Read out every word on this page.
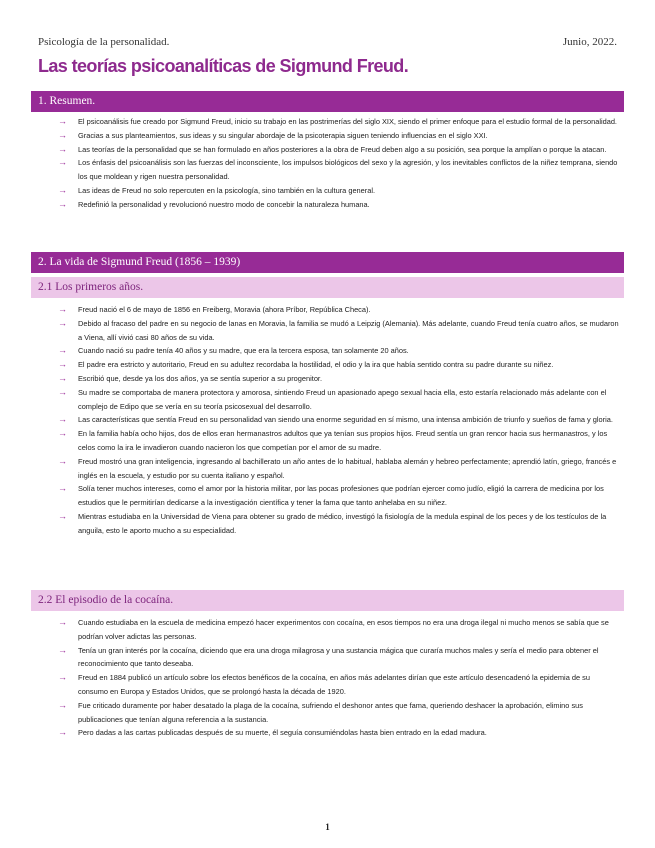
Psicología de la personalidad.	Junio, 2022.
Las teorías psicoanalíticas de Sigmund Freud.
1. Resumen.
→ El psicoanálisis fue creado por Sigmund Freud, inicio su trabajo en las postrimerías del siglo XIX, siendo el primer enfoque para el estudio formal de la personalidad.
→ Gracias a sus planteamientos, sus ideas y su singular abordaje de la psicoterapia siguen teniendo influencias en el siglo XXI.
→ Las teorías de la personalidad que se han formulado en años posteriores a la obra de Freud deben algo a su posición, sea porque la amplían o porque la atacan.
→ Los énfasis del psicoanálisis son las fuerzas del inconsciente, los impulsos biológicos del sexo y la agresión, y los inevitables conflictos de la niñez temprana, siendo los que moldean y rigen nuestra personalidad.
→ Las ideas de Freud no solo repercuten en la psicología, sino también en la cultura general.
→ Redefinió la personalidad y revolucionó nuestro modo de concebir la naturaleza humana.
2. La vida de Sigmund Freud (1856 – 1939)
2.1 Los primeros años.
→ Freud nació el 6 de mayo de 1856 en Freiberg, Moravia (ahora Príbor, República Checa).
→ Debido al fracaso del padre en su negocio de lanas en Moravia, la familia se mudó a Leipzig (Alemania). Más adelante, cuando Freud tenía cuatro años, se mudaron a Viena, allí vivió casi 80 años de su vida.
→ Cuando nació su padre tenía 40 años y su madre, que era la tercera esposa, tan solamente 20 años.
→ El padre era estricto y autoritario, Freud en su adultez recordaba la hostilidad, el odio y la ira que había sentido contra su padre durante su niñez.
→ Escribió que, desde ya los dos años, ya se sentía superior a su progenitor.
→ Su madre se comportaba de manera protectora y amorosa, sintiendo Freud un apasionado apego sexual hacia ella, esto estaría relacionado más adelante con el complejo de Edipo que se vería en su teoría psicosexual del desarrollo.
→ Las características que sentía Freud en su personalidad van siendo una enorme seguridad en sí mismo, una intensa ambición de triunfo y sueños de fama y gloria.
→ En la familia había ocho hijos, dos de ellos eran hermanastros adultos que ya tenían sus propios hijos. Freud sentía un gran rencor hacia sus hermanastros, y los celos como la ira le invadieron cuando nacieron los que competían por el amor de su madre.
→ Freud mostró una gran inteligencia, ingresando al bachillerato un año antes de lo habitual, hablaba alemán y hebreo perfectamente; aprendió latín, griego, francés e inglés en la escuela, y estudio por su cuenta italiano y español.
→ Solía tener muchos intereses, como el amor por la historia militar, por las pocas profesiones que podrían ejercer como judío, eligió la carrera de medicina por los estudios que le permitirían dedicarse a la investigación científica y tener la fama que tanto anhelaba en su niñez.
→ Mientras estudiaba en la Universidad de Viena para obtener su grado de médico, investigó la fisiología de la medula espinal de los peces y de los testículos de la anguila, esto le aporto mucho a su especialidad.
2.2 El episodio de la cocaína.
→ Cuando estudiaba en la escuela de medicina empezó hacer experimentos con cocaína, en esos tiempos no era una droga ilegal ni mucho menos se sabía que se podrían volver adictas las personas.
→ Tenía un gran interés por la cocaína, diciendo que era una droga milagrosa y una sustancia mágica que curaría muchos males y sería el medio para obtener el reconocimiento que tanto deseaba.
→ Freud en 1884 publicó un artículo sobre los efectos benéficos de la cocaína, en años más adelantes dirían que este artículo desencadenó la epidemia de su consumo en Europa y Estados Unidos, que se prolongó hasta la década de 1920.
→ Fue criticado duramente por haber desatado la plaga de la cocaína, sufriendo el deshonor antes que fama, queriendo deshacer la aprobación, elimino sus publicaciones que tenían alguna referencia a la sustancia.
→ Pero dadas a las cartas publicadas después de su muerte, él seguía consumiéndolas hasta bien entrado en la edad madura.
1
